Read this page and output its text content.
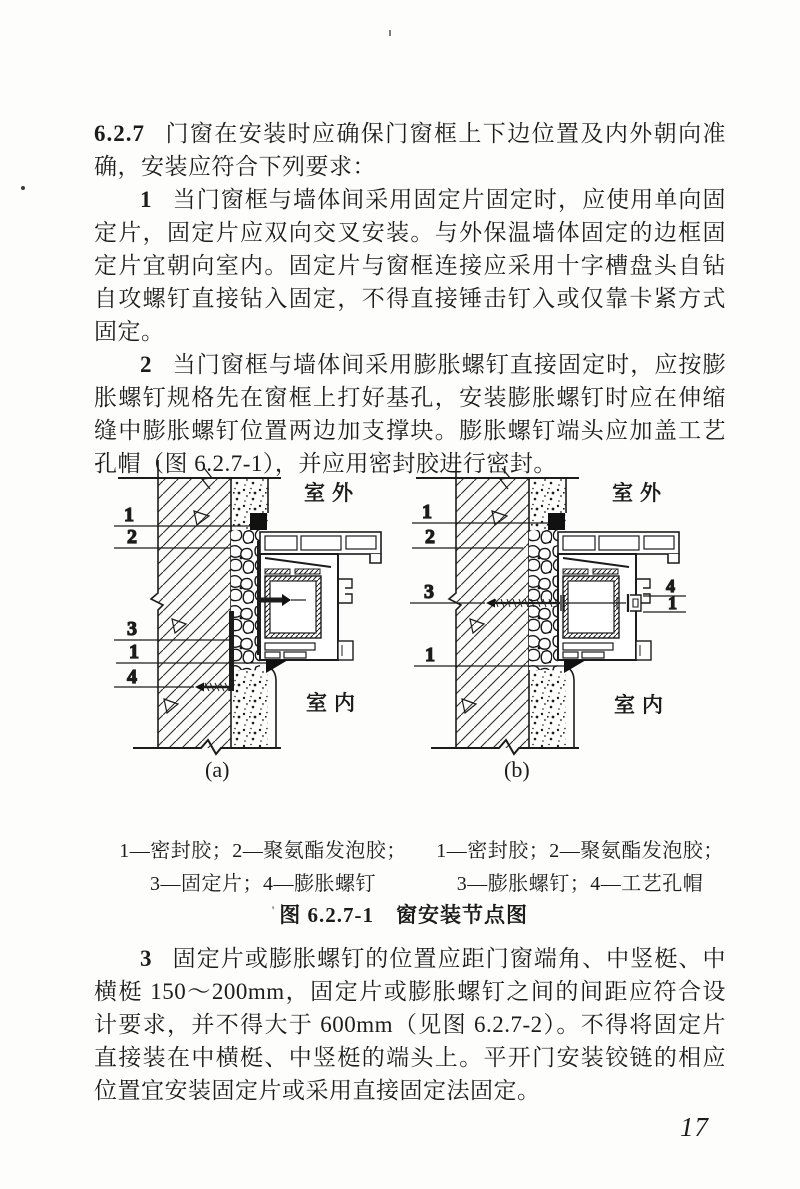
6.2.7 门窗在安装时应确保门窗框上下边位置及内外朝向准确，安装应符合下列要求：

1 当门窗框与墙体间采用固定片固定时，应使用单向固定片，固定片应双向交叉安装。与外保温墙体固定的边框固定片宜朝向室内。固定片与窗框连接应采用十字槽盘头自钻自攻螺钉直接钻入固定，不得直接锤击钉入或仅靠卡紧方式固定。

2 当门窗框与墙体间采用膨胀螺钉直接固定时，应按膨胀螺钉规格先在窗框上打好基孔，安装膨胀螺钉时应在伸缩缝中膨胀螺钉位置两边加支撑块。膨胀螺钉端头应加盖工艺孔帽（图 6.2.7-1），并应用密封胶进行密封。

1
2
3
1
4
室外
室内
(a)
1
2
3
1
4
1
室外
室内
(b)
1—密封胶；2—聚氨酯发泡胶；
3—固定片；4—膨胀螺钉
1—密封胶；2—聚氨酯发泡胶；
3—膨胀螺钉；4—工艺孔帽
' 图 6.2.7-1　窗安装节点图

3 固定片或膨胀螺钉的位置应距门窗端角、中竖梃、中横梃 150～200mm，固定片或膨胀螺钉之间的间距应符合设计要求，并不得大于 600mm（见图 6.2.7-2）。不得将固定片直接装在中横梃、中竖梃的端头上。平开门安装铰链的相应位置宜安装固定片或采用直接固定法固定。

17
